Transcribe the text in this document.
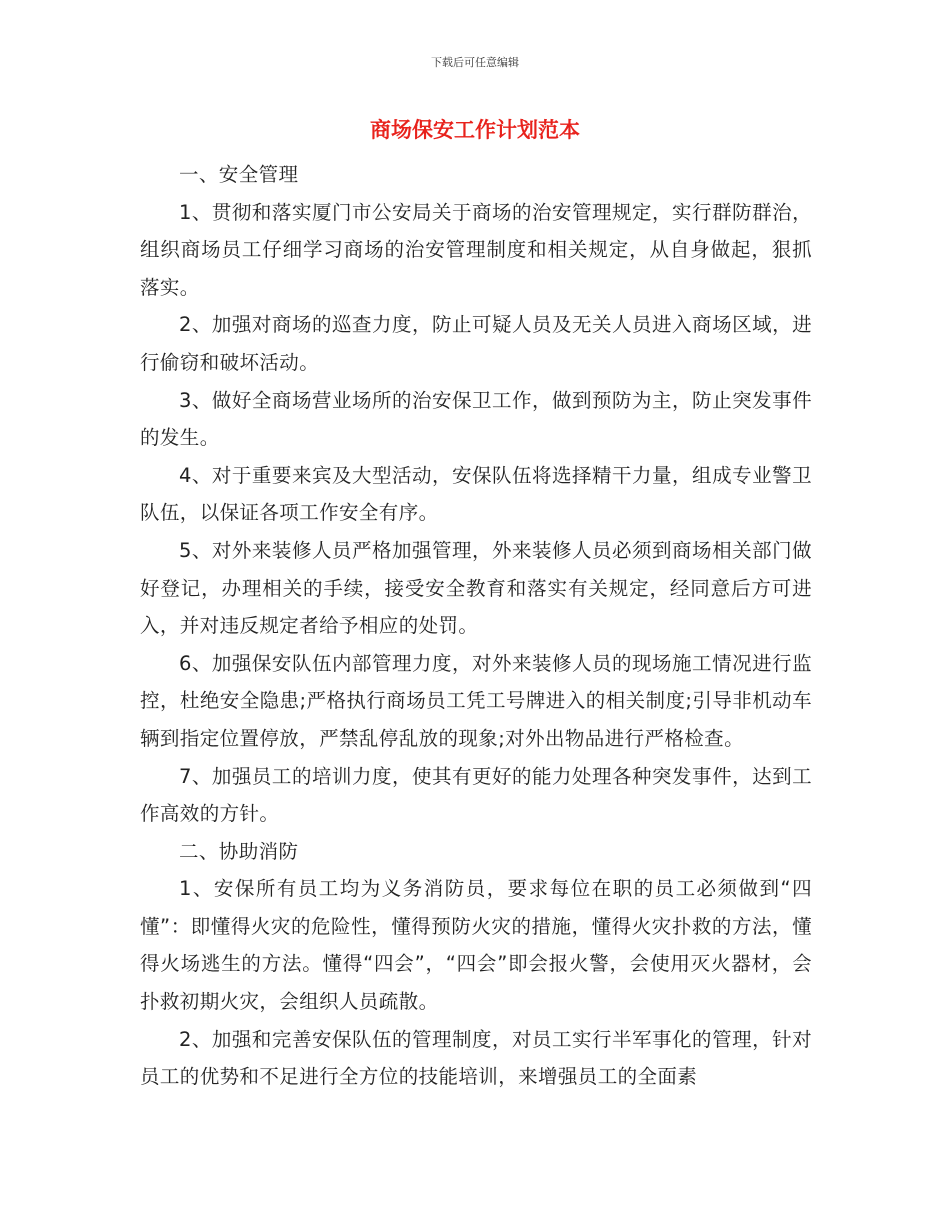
下载后可任意编辑
商场保安工作计划范本

一、安全管理

1、贯彻和落实厦门市公安局关于商场的治安管理规定，实行群防群治，组织商场员工仔细学习商场的治安管理制度和相关规定，从自身做起，狠抓落实。

2、加强对商场的巡查力度，防止可疑人员及无关人员进入商场区域，进行偷窃和破坏活动。

3、做好全商场营业场所的治安保卫工作，做到预防为主，防止突发事件的发生。

4、对于重要来宾及大型活动，安保队伍将选择精干力量，组成专业警卫队伍，以保证各项工作安全有序。

5、对外来装修人员严格加强管理，外来装修人员必须到商场相关部门做好登记，办理相关的手续，接受安全教育和落实有关规定，经同意后方可进入，并对违反规定者给予相应的处罚。

6、加强保安队伍内部管理力度，对外来装修人员的现场施工情况进行监控，杜绝安全隐患;严格执行商场员工凭工号牌进入的相关制度;引导非机动车辆到指定位置停放，严禁乱停乱放的现象;对外出物品进行严格检查。

7、加强员工的培训力度，使其有更好的能力处理各种突发事件，达到工作高效的方针。

二、协助消防

1、安保所有员工均为义务消防员，要求每位在职的员工必须做到“四懂”：即懂得火灾的危险性，懂得预防火灾的措施，懂得火灾扑救的方法，懂得火场逃生的方法。懂得“四会”，“四会”即会报火警，会使用灭火器材，会扑救初期火灾，会组织人员疏散。

2、加强和完善安保队伍的管理制度，对员工实行半军事化的管理，针对员工的优势和不足进行全方位的技能培训，来增强员工的全面素
